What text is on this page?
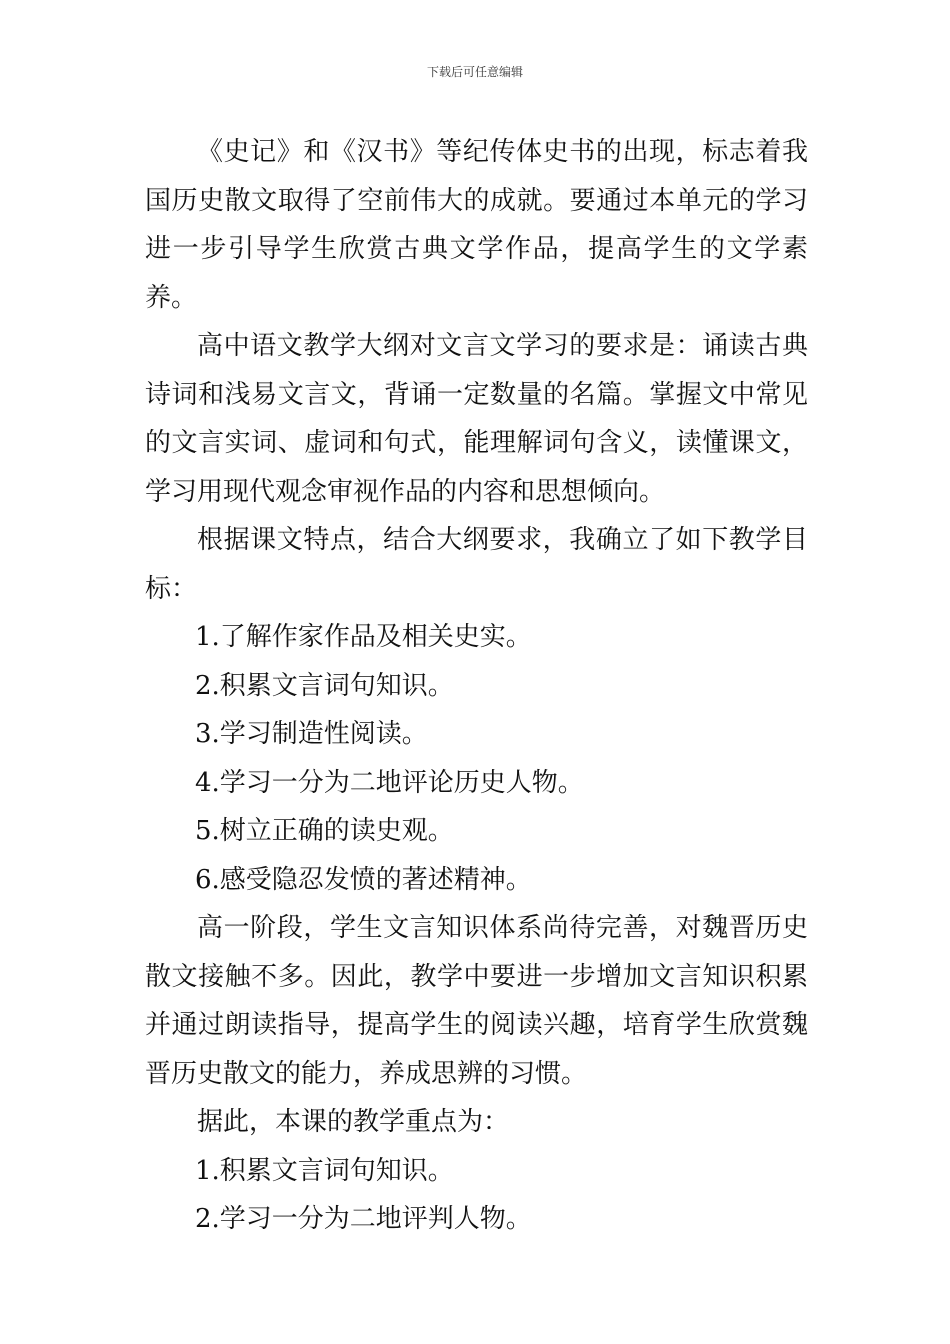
下载后可任意编辑

《史记》和《汉书》等纪传体史书的出现，标志着我国历史散文取得了空前伟大的成就。要通过本单元的学习进一步引导学生欣赏古典文学作品，提高学生的文学素养。

高中语文教学大纲对文言文学习的要求是：诵读古典诗词和浅易文言文，背诵一定数量的名篇。掌握文中常见的文言实词、虚词和句式，能理解词句含义，读懂课文，学习用现代观念审视作品的内容和思想倾向。

根据课文特点，结合大纲要求，我确立了如下教学目标：

1.了解作家作品及相关史实。

2.积累文言词句知识。

3.学习制造性阅读。

4.学习一分为二地评论历史人物。

5.树立正确的读史观。

6.感受隐忍发愤的著述精神。

高一阶段，学生文言知识体系尚待完善，对魏晋历史散文接触不多。因此，教学中要进一步增加文言知识积累并通过朗读指导，提高学生的阅读兴趣，培育学生欣赏魏晋历史散文的能力，养成思辨的习惯。

据此，本课的教学重点为：

1.积累文言词句知识。

2.学习一分为二地评判人物。
